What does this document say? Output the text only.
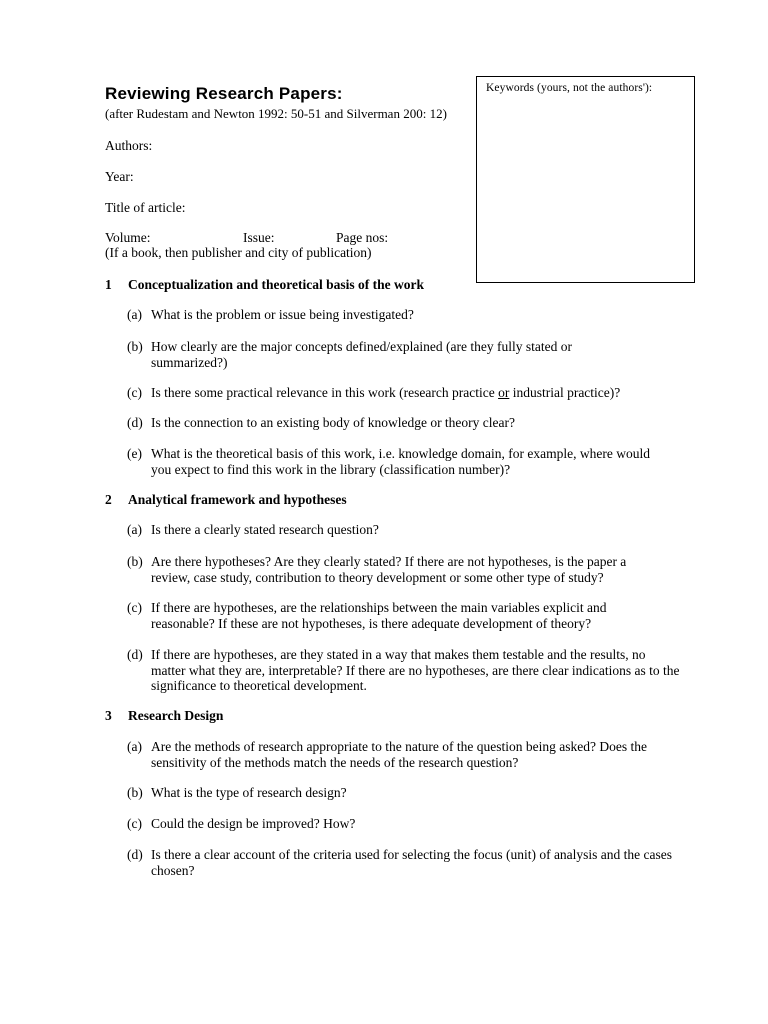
Reviewing Research Papers:
(after Rudestam and Newton 1992: 50-51 and Silverman 200: 12)
Keywords (yours, not the authors'):
Authors:
Year:
Title of article:
Volume:	Issue:	Page nos:
(If a book, then publisher and city of publication)
1 Conceptualization and theoretical basis of the work
(a) What is the problem or issue being investigated?
(b) How clearly are the major concepts defined/explained (are they fully stated or summarized?)
(c) Is there some practical relevance in this work (research practice or industrial practice)?
(d) Is the connection to an existing body of knowledge or theory clear?
(e) What is the theoretical basis of this work, i.e. knowledge domain, for example, where would you expect to find this work in the library (classification number)?
2 Analytical framework and hypotheses
(a) Is there a clearly stated research question?
(b) Are there hypotheses? Are they clearly stated? If there are not hypotheses, is the paper a review, case study, contribution to theory development or some other type of study?
(c) If there are hypotheses, are the relationships between the main variables explicit and reasonable? If these are not hypotheses, is there adequate development of theory?
(d) If there are hypotheses, are they stated in a way that makes them testable and the results, no matter what they are, interpretable? If there are no hypotheses, are there clear indications as to the significance to theoretical development.
3 Research Design
(a) Are the methods of research appropriate to the nature of the question being asked? Does the sensitivity of the methods match the needs of the research question?
(b) What is the type of research design?
(c) Could the design be improved? How?
(d) Is there a clear account of the criteria used for selecting the focus (unit) of analysis and the cases chosen?
